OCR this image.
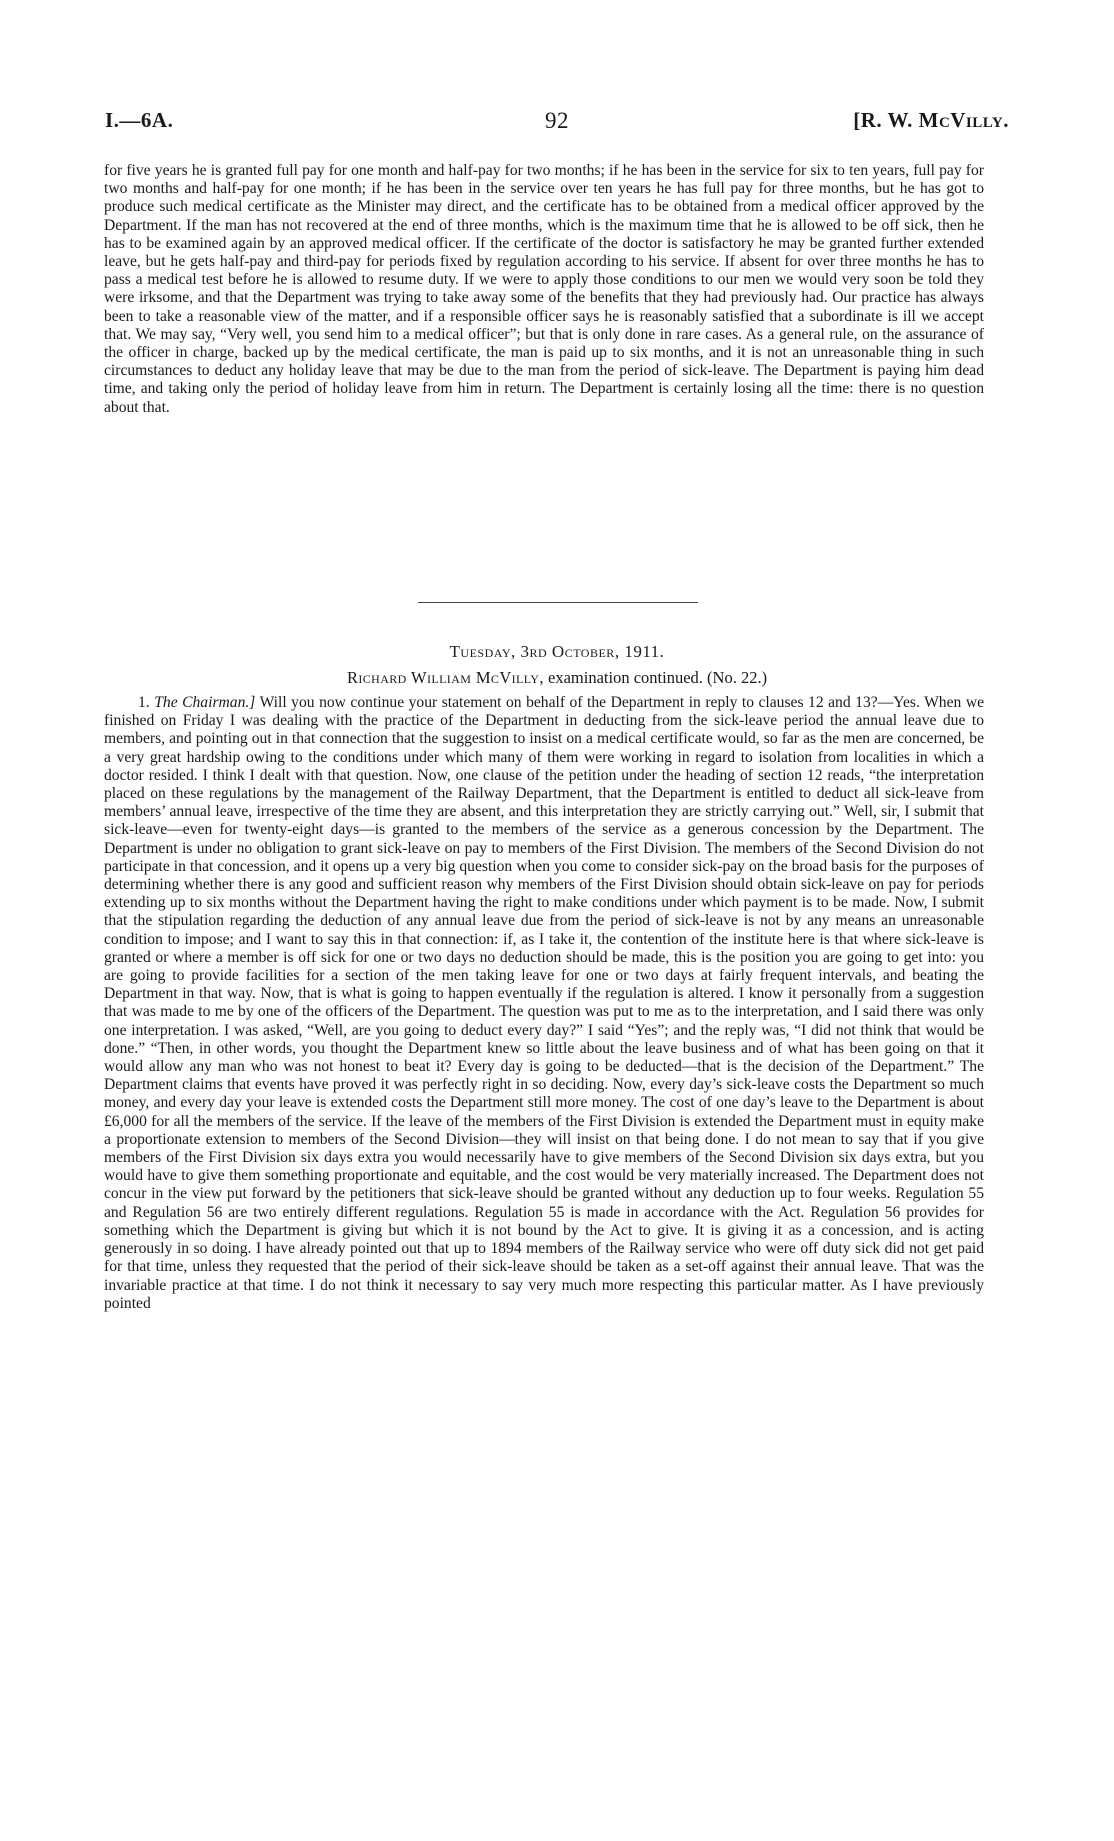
I.—6A.	92	[R. W. McVilly.

for five years he is granted full pay for one month and half-pay for two months; if he has been in the service for six to ten years, full pay for two months and half-pay for one month; if he has been in the service over ten years he has full pay for three months, but he has got to produce such medical certificate as the Minister may direct, and the certificate has to be obtained from a medical officer approved by the Department. If the man has not recovered at the end of three months, which is the maximum time that he is allowed to be off sick, then he has to be examined again by an approved medical officer. If the certificate of the doctor is satisfactory he may be granted further extended leave, but he gets half-pay and third-pay for periods fixed by regulation according to his service. If absent for over three months he has to pass a medical test before he is allowed to resume duty. If we were to apply those conditions to our men we would very soon be told they were irksome, and that the Department was trying to take away some of the benefits that they had previously had. Our practice has always been to take a reasonable view of the matter, and if a responsible officer says he is reasonably satisfied that a subordinate is ill we accept that. We may say, “Very well, you send him to a medical officer”; but that is only done in rare cases. As a general rule, on the assurance of the officer in charge, backed up by the medical certificate, the man is paid up to six months, and it is not an unreasonable thing in such circumstances to deduct any holiday leave that may be due to the man from the period of sick-leave. The Department is paying him dead time, and taking only the period of holiday leave from him in return. The Department is certainly losing all the time: there is no question about that.

Tuesday, 3rd October, 1911.
Richard William McVilly, examination continued. (No. 22.)

1. The Chairman.] Will you now continue your statement on behalf of the Department in reply to clauses 12 and 13?—Yes. When we finished on Friday I was dealing with the practice of the Department in deducting from the sick-leave period the annual leave due to members, and pointing out in that connection that the suggestion to insist on a medical certificate would, so far as the men are concerned, be a very great hardship owing to the conditions under which many of them were working in regard to isolation from localities in which a doctor resided. I think I dealt with that question. Now, one clause of the petition under the heading of section 12 reads, “the interpretation placed on these regulations by the management of the Railway Department, that the Department is entitled to deduct all sick-leave from members’ annual leave, irrespective of the time they are absent, and this interpretation they are strictly carrying out.” Well, sir, I submit that sick-leave—even for twenty-eight days—is granted to the members of the service as a generous concession by the Department. The Department is under no obligation to grant sick-leave on pay to members of the First Division. The members of the Second Division do not participate in that concession, and it opens up a very big question when you come to consider sick-pay on the broad basis for the purposes of determining whether there is any good and sufficient reason why members of the First Division should obtain sick-leave on pay for periods extending up to six months without the Department having the right to make conditions under which payment is to be made. Now, I submit that the stipulation regarding the deduction of any annual leave due from the period of sick-leave is not by any means an unreasonable condition to impose; and I want to say this in that connection: if, as I take it, the contention of the institute here is that where sick-leave is granted or where a member is off sick for one or two days no deduction should be made, this is the position you are going to get into: you are going to provide facilities for a section of the men taking leave for one or two days at fairly frequent intervals, and beating the Department in that way. Now, that is what is going to happen eventually if the regulation is altered. I know it personally from a suggestion that was made to me by one of the officers of the Department. The question was put to me as to the interpretation, and I said there was only one interpretation. I was asked, “Well, are you going to deduct every day?” I said “Yes”; and the reply was, “I did not think that would be done.” “Then, in other words, you thought the Department knew so little about the leave business and of what has been going on that it would allow any man who was not honest to beat it? Every day is going to be deducted—that is the decision of the Department.” The Department claims that events have proved it was perfectly right in so deciding. Now, every day’s sick-leave costs the Department so much money, and every day your leave is extended costs the Department still more money. The cost of one day’s leave to the Department is about £6,000 for all the members of the service. If the leave of the members of the First Division is extended the Department must in equity make a proportionate extension to members of the Second Division—they will insist on that being done. I do not mean to say that if you give members of the First Division six days extra you would necessarily have to give members of the Second Division six days extra, but you would have to give them something proportionate and equitable, and the cost would be very materially increased. The Department does not concur in the view put forward by the petitioners that sick-leave should be granted without any deduction up to four weeks. Regulation 55 and Regulation 56 are two entirely different regulations. Regulation 55 is made in accordance with the Act. Regulation 56 provides for something which the Department is giving but which it is not bound by the Act to give. It is giving it as a concession, and is acting generously in so doing. I have already pointed out that up to 1894 members of the Railway service who were off duty sick did not get paid for that time, unless they requested that the period of their sick-leave should be taken as a set-off against their annual leave. That was the invariable practice at that time. I do not think it necessary to say very much more respecting this particular matter. As I have previously pointed
